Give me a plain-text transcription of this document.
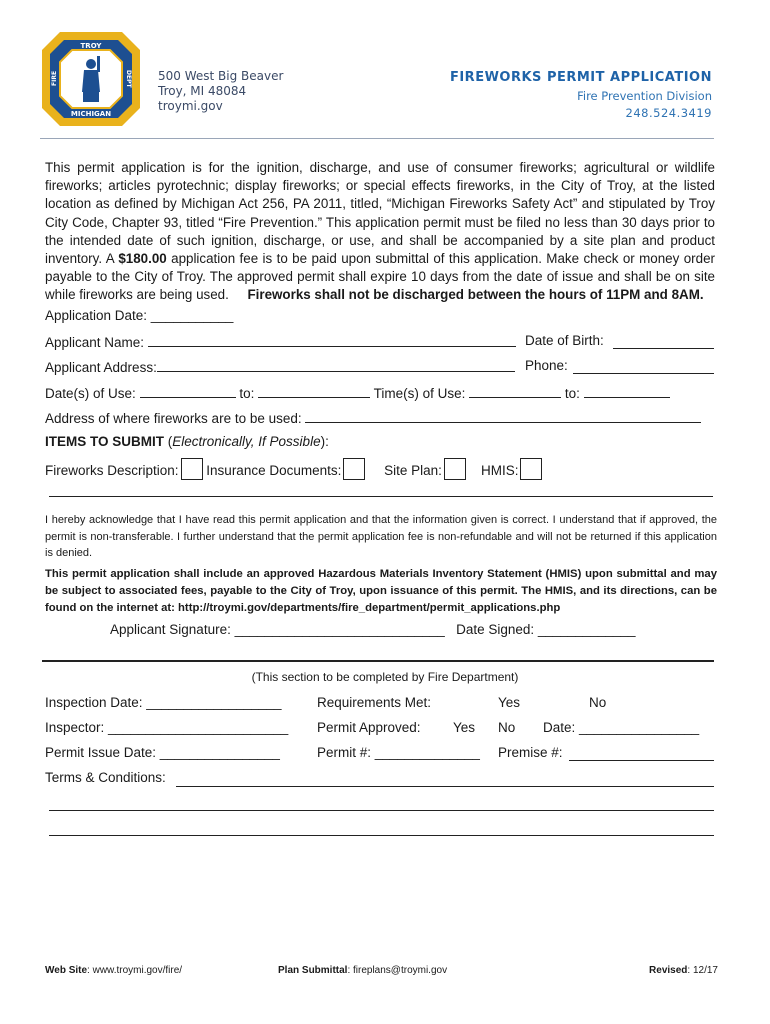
TROY
FIRE	DEPT
MICHIGAN
500 West Big Beaver
Troy, MI 48084
troymi.gov
FIREWORKS PERMIT APPLICATION
Fire Prevention Division
248.524.3419
This permit application is for the ignition, discharge, and use of consumer fireworks; agricultural or wildlife fireworks; articles pyrotechnic; display fireworks; or special effects fireworks, in the City of Troy, at the listed location as defined by Michigan Act 256, PA 2011, titled, “Michigan Fireworks Safety Act” and stipulated by Troy City Code, Chapter 93, titled “Fire Prevention.” This application permit must be filed no less than 30 days prior to the intended date of such ignition, discharge, or use, and shall be accompanied by a site plan and product inventory. A $180.00 application fee is to be paid upon submittal of this application. Make check or money order payable to the City of Troy. The approved permit shall expire 10 days from the date of issue and shall be on site while fireworks are being used. Fireworks shall not be discharged between the hours of 11PM and 8AM.
Application Date: ___________
Applicant Name:	Date of Birth:
Applicant Address:	Phone:
Date(s) of Use:	to:	Time(s) of Use:	to:
Address of where fireworks are to be used:
ITEMS TO SUBMIT (Electronically, If Possible):
Fireworks Description: Insurance Documents:	Site Plan:	HMIS:
I hereby acknowledge that I have read this permit application and that the information given is correct. I understand that if approved, the permit is non-transferable. I further understand that the permit application fee is non-refundable and will not be returned if this application is denied.
This permit application shall include an approved Hazardous Materials Inventory Statement (HMIS) upon submittal and may be subject to associated fees, payable to the City of Troy, upon issuance of this permit. The HMIS, and its directions, can be found on the internet at: http://troymi.gov/departments/fire_department/permit_applications.php
Applicant Signature: ____________________________ Date Signed: _____________
(This section to be completed by Fire Department)
Inspection Date: __________________	Requirements Met:	Yes	No
Inspector: ________________________ Permit Approved: Yes No Date: ________________
Permit Issue Date: ________________	Permit #: ______________ Premise #:
Terms & Conditions:
Web Site: www.troymi.gov/fire/	Plan Submittal: fireplans@troymi.gov	Revised: 12/17
